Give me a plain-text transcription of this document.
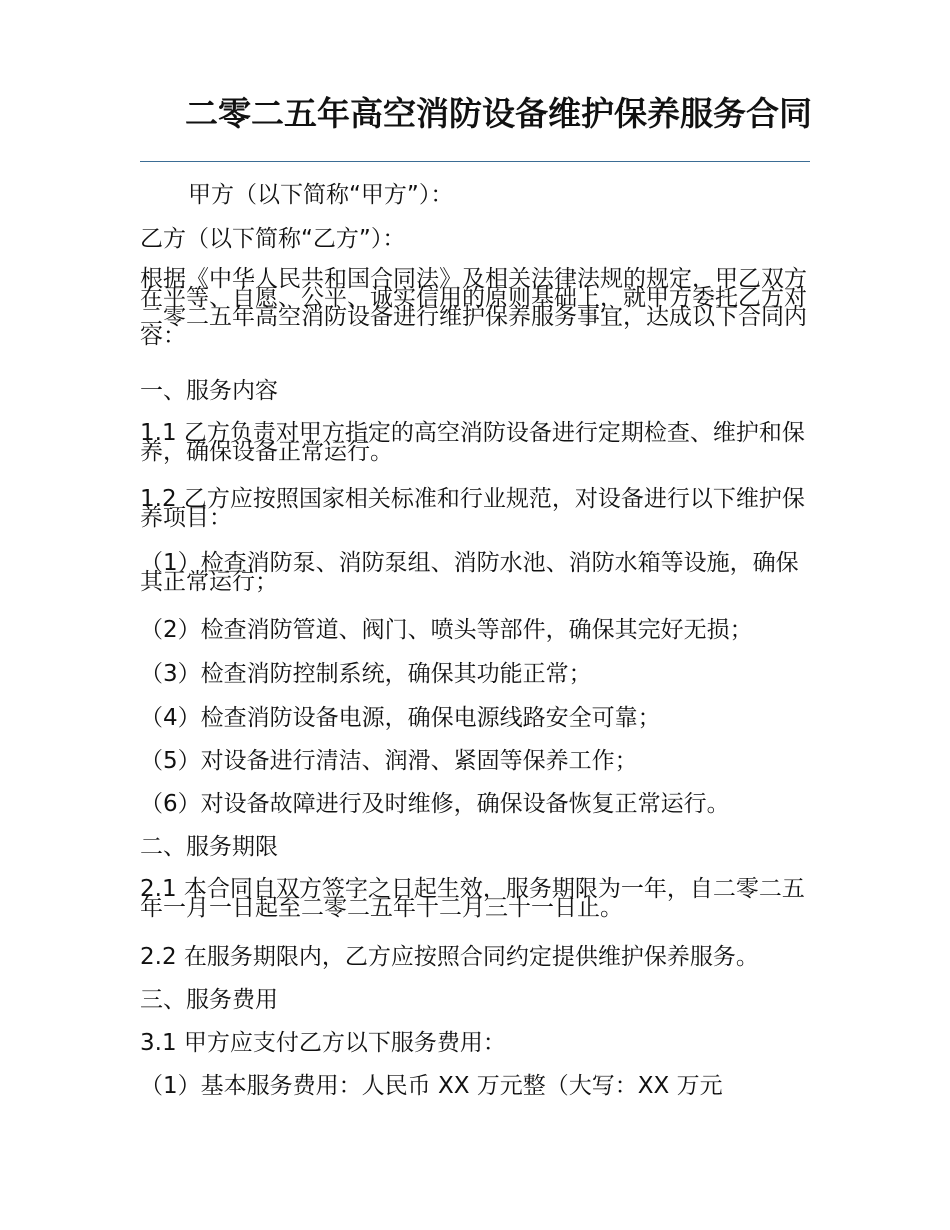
二零二五年高空消防设备维护保养服务合同
甲方（以下简称“甲方”）：
乙方（以下简称“乙方”）：
根据《中华人民共和国合同法》及相关法律法规的规定，甲乙双方在平等、自愿、公平、诚实信用的原则基础上，就甲方委托乙方对二零二五年高空消防设备进行维护保养服务事宜，达成以下合同内容：
一、服务内容
1.1 乙方负责对甲方指定的高空消防设备进行定期检查、维护和保养，确保设备正常运行。
1.2 乙方应按照国家相关标准和行业规范，对设备进行以下维护保养项目：
（1）检查消防泵、消防泵组、消防水池、消防水箱等设施，确保其正常运行；
（2）检查消防管道、阀门、喷头等部件，确保其完好无损；
（3）检查消防控制系统，确保其功能正常；
（4）检查消防设备电源，确保电源线路安全可靠；
（5）对设备进行清洁、润滑、紧固等保养工作；
（6）对设备故障进行及时维修，确保设备恢复正常运行。
二、服务期限
2.1 本合同自双方签字之日起生效，服务期限为一年，自二零二五年一月一日起至二零二五年十二月三十一日止。
2.2 在服务期限内，乙方应按照合同约定提供维护保养服务。
三、服务费用
3.1 甲方应支付乙方以下服务费用：
（1）基本服务费用：人民币 XX 万元整（大写：XX 万元
